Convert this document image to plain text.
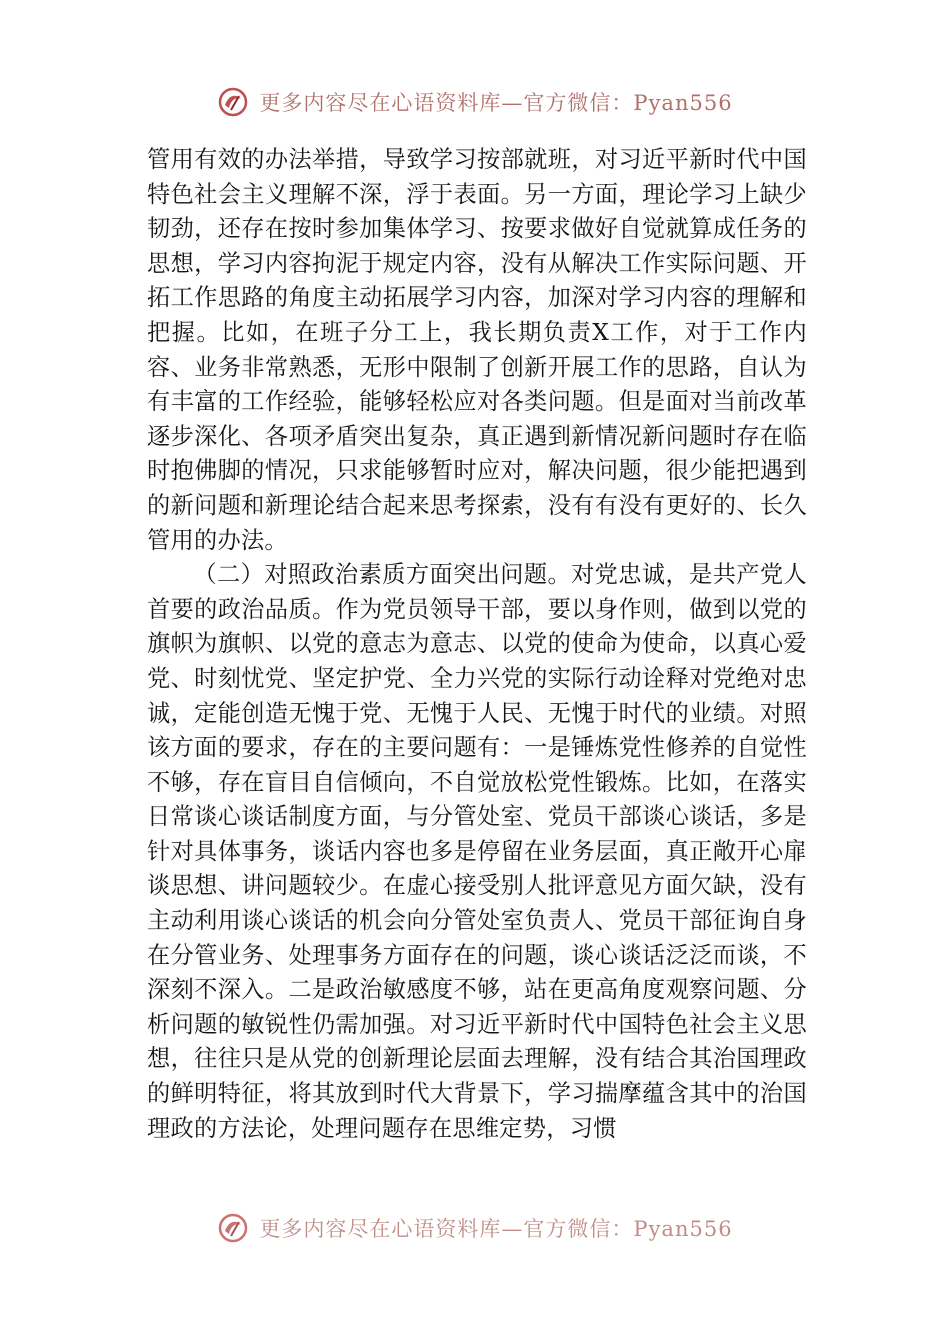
更多内容尽在心语资料库—官方微信：Pyan556

管用有效的办法举措，导致学习按部就班，对习近平新时代中国特色社会主义理解不深，浮于表面。另一方面，理论学习上缺少韧劲，还存在按时参加集体学习、按要求做好自觉就算成任务的思想，学习内容拘泥于规定内容，没有从解决工作实际问题、开拓工作思路的角度主动拓展学习内容，加深对学习内容的理解和把握。比如，在班子分工上，我长期负责X工作，对于工作内容、业务非常熟悉，无形中限制了创新开展工作的思路，自认为有丰富的工作经验，能够轻松应对各类问题。但是面对当前改革逐步深化、各项矛盾突出复杂，真正遇到新情况新问题时存在临时抱佛脚的情况，只求能够暂时应对，解决问题，很少能把遇到的新问题和新理论结合起来思考探索，没有有没有更好的、长久管用的办法。

（二）对照政治素质方面突出问题。对党忠诚，是共产党人首要的政治品质。作为党员领导干部，要以身作则，做到以党的旗帜为旗帜、以党的意志为意志、以党的使命为使命，以真心爱党、时刻忧党、坚定护党、全力兴党的实际行动诠释对党绝对忠诚，定能创造无愧于党、无愧于人民、无愧于时代的业绩。对照该方面的要求，存在的主要问题有：一是锤炼党性修养的自觉性不够，存在盲目自信倾向，不自觉放松党性锻炼。比如，在落实日常谈心谈话制度方面，与分管处室、党员干部谈心谈话，多是针对具体事务，谈话内容也多是停留在业务层面，真正敞开心扉谈思想、讲问题较少。在虚心接受别人批评意见方面欠缺，没有主动利用谈心谈话的机会向分管处室负责人、党员干部征询自身在分管业务、处理事务方面存在的问题，谈心谈话泛泛而谈，不深刻不深入。二是政治敏感度不够，站在更高角度观察问题、分析问题的敏锐性仍需加强。对习近平新时代中国特色社会主义思想，往往只是从党的创新理论层面去理解，没有结合其治国理政的鲜明特征，将其放到时代大背景下，学习揣摩蕴含其中的治国理政的方法论，处理问题存在思维定势，习惯

更多内容尽在心语资料库—官方微信：Pyan556
